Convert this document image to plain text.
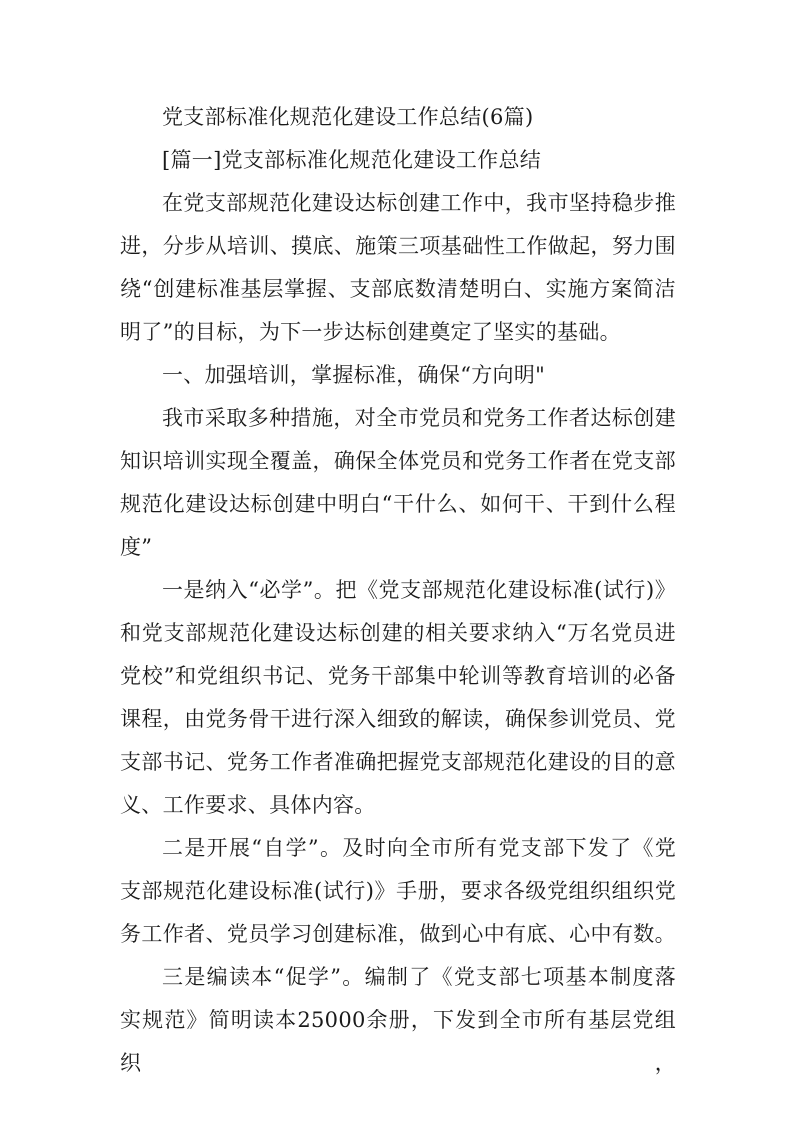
党支部标准化规范化建设工作总结(6篇)
[篇一]党支部标准化规范化建设工作总结
在党支部规范化建设达标创建工作中，我市坚持稳步推
进，分步从培训、摸底、施策三项基础性工作做起，努力围
绕“创建标准基层掌握、支部底数清楚明白、实施方案简洁
明了”的目标，为下一步达标创建奠定了坚实的基础。
一、加强培训，掌握标准，确保“方向明"
我市采取多种措施，对全市党员和党务工作者达标创建
知识培训实现全覆盖，确保全体党员和党务工作者在党支部
规范化建设达标创建中明白“干什么、如何干、干到什么程
度”
一是纳入“必学”。把《党支部规范化建设标准(试行)》
和党支部规范化建设达标创建的相关要求纳入“万名党员进
党校”和党组织书记、党务干部集中轮训等教育培训的必备
课程，由党务骨干进行深入细致的解读，确保参训党员、党
支部书记、党务工作者准确把握党支部规范化建设的目的意
义、工作要求、具体内容。
二是开展“自学”。及时向全市所有党支部下发了《党
支部规范化建设标准(试行)》手册，要求各级党组织组织党
务工作者、党员学习创建标准，做到心中有底、心中有数。
三是编读本“促学”。编制了《党支部七项基本制度落
实规范》简明读本25000余册，下发到全市所有基层党组织，
